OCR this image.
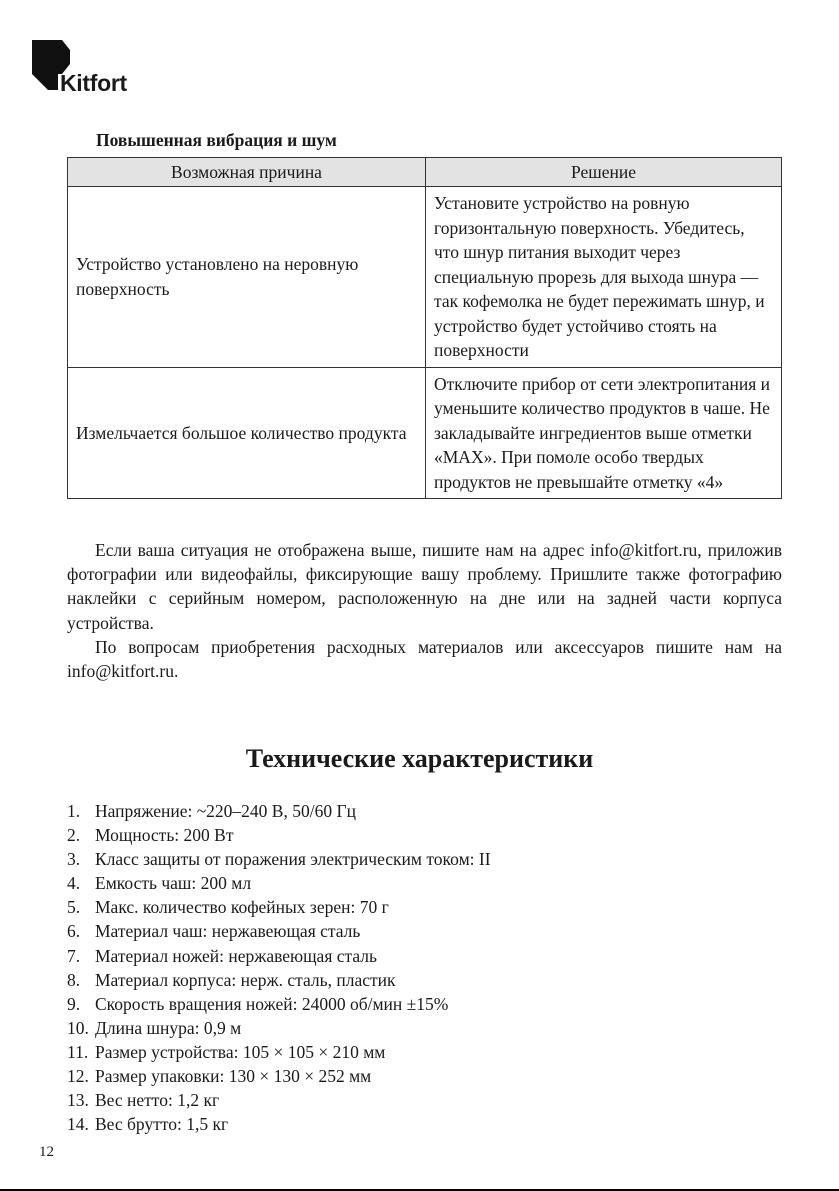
Kitfort
Повышенная вибрация и шум
Возможная причина	Решение
Устройство установлено на неровную поверхность	Установите устройство на ровную горизонтальную поверхность. Убедитесь, что шнур питания выходит через специальную прорезь для выхода шнура — так кофемолка не будет пережимать шнур, и устройство будет устойчиво стоять на поверхности
Измельчается большое количество продукта	Отключите прибор от сети электропитания и уменьшите количество продуктов в чаше. Не закладывайте ингредиентов выше отметки «MAX». При помоле особо твердых продуктов не превышайте отметку «4»

Если ваша ситуация не отображена выше, пишите нам на адрес info@kitfort.ru, приложив фотографии или видеофайлы, фиксирующие вашу проблему. Пришлите также фотографию наклейки с серийным номером, расположенную на дне или на задней части корпуса устройства.

По вопросам приобретения расходных материалов или аксессуаров пишите нам на info@kitfort.ru.

Технические характеристики
1. Напряжение: ~220–240 В, 50/60 Гц
2. Мощность: 200 Вт
3. Класс защиты от поражения электрическим током: II
4. Емкость чаш: 200 мл
5. Макс. количество кофейных зерен: 70 г
6. Материал чаш: нержавеющая сталь
7. Материал ножей: нержавеющая сталь
8. Материал корпуса: нерж. сталь, пластик
9. Скорость вращения ножей: 24000 об/мин ±15%
10. Длина шнура: 0,9 м
11. Размер устройства: 105 × 105 × 210 мм
12. Размер упаковки: 130 × 130 × 252 мм
13. Вес нетто: 1,2 кг
14. Вес брутто: 1,5 кг
12
